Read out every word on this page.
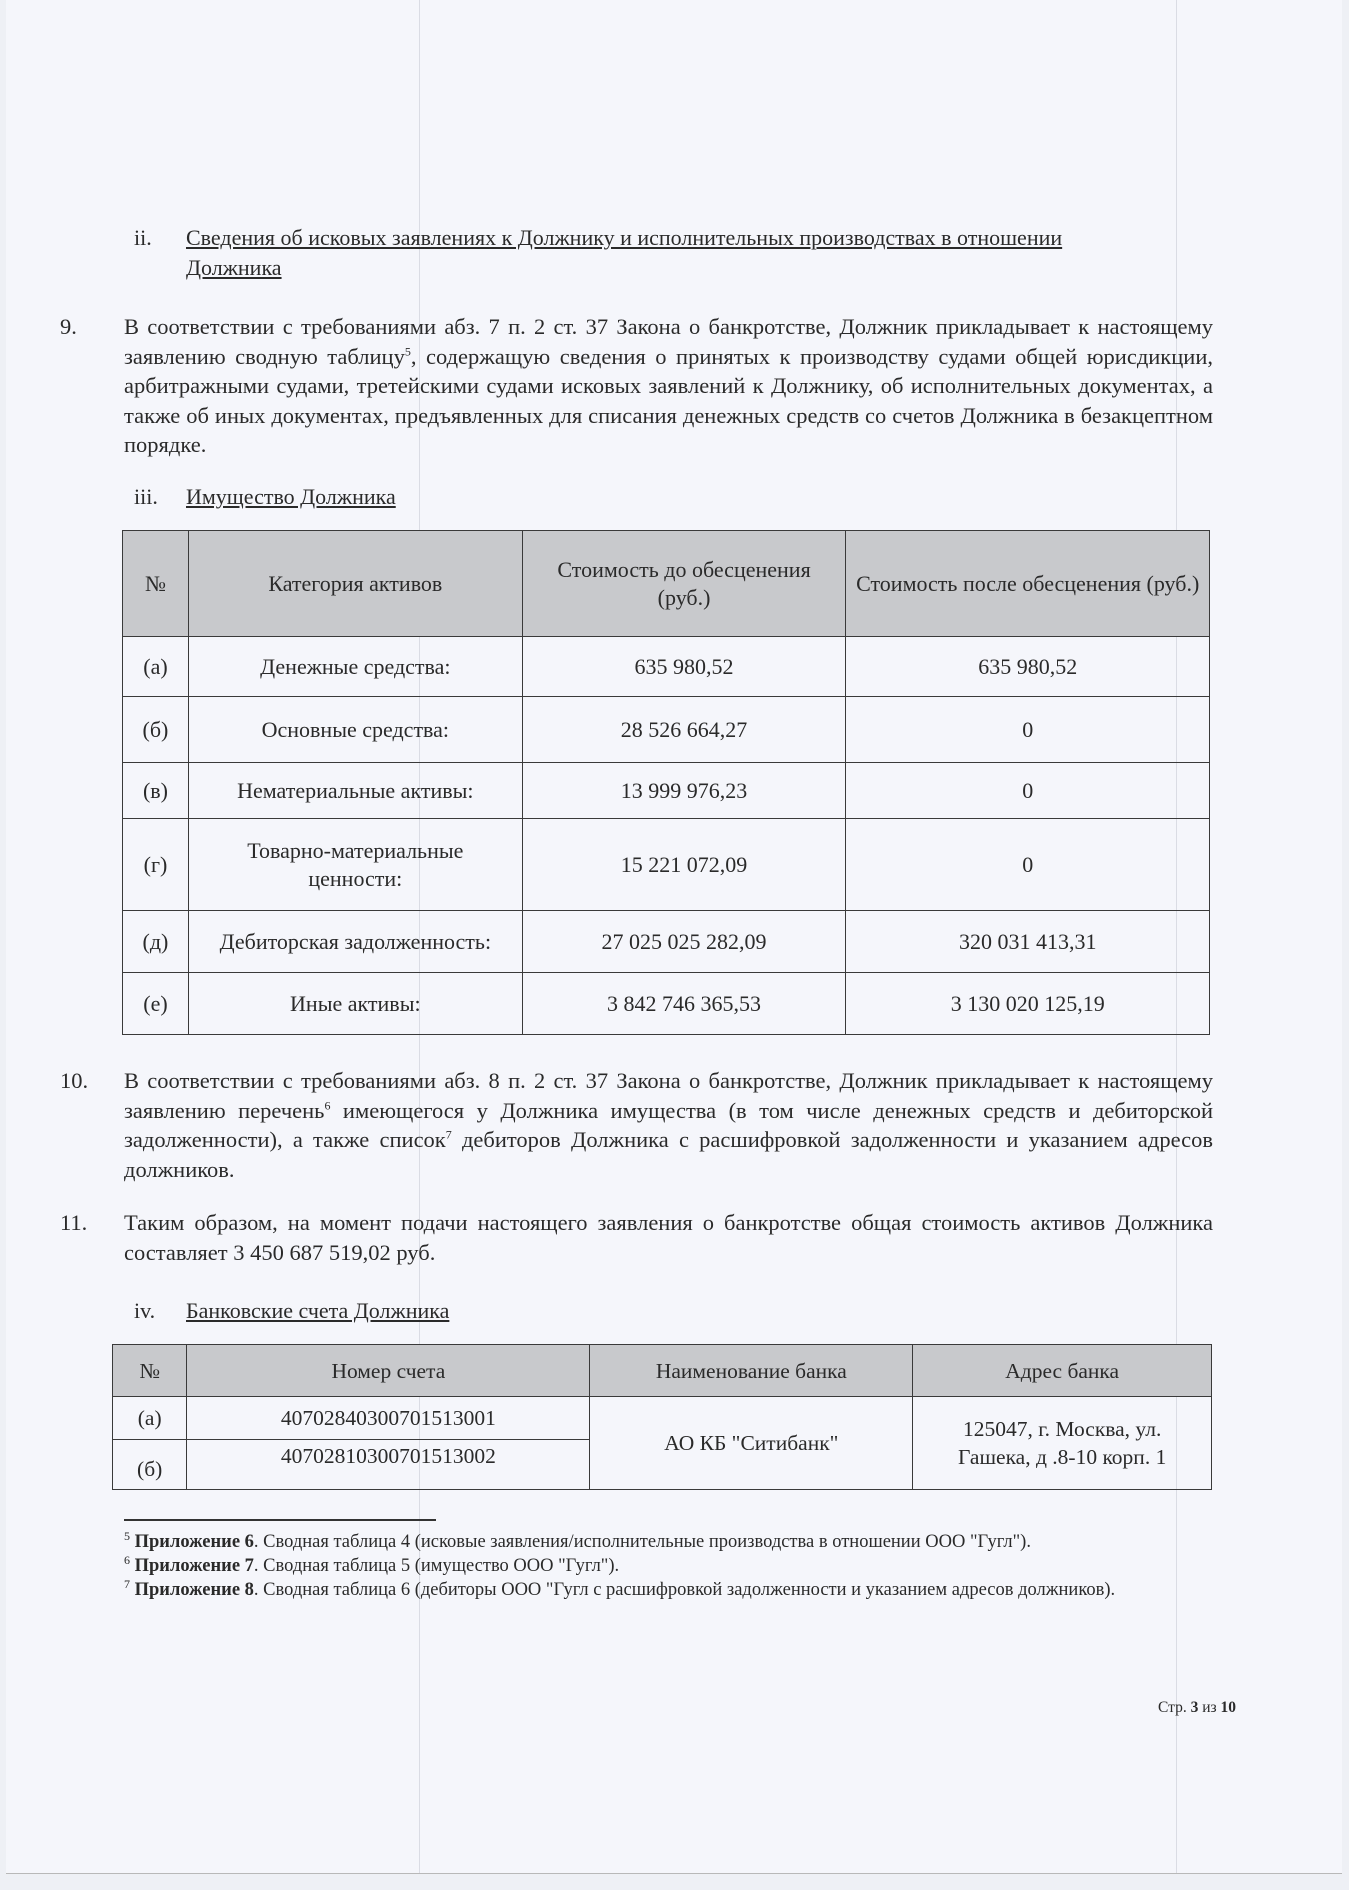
ii. Сведения об исковых заявлениях к Должнику и исполнительных производствах в отношении
Должника
9. В соответствии с требованиями абз. 7 п. 2 ст. 37 Закона о банкротстве, Должник прикладывает к настоящему заявлению сводную таблицу$^5$, содержащую сведения о принятых к производству судами общей юрисдикции, арбитражными судами, третейскими судами исковых заявлений к Должнику, об исполнительных документах, а также об иных документах, предъявленных для списания денежных средств со счетов Должника в безакцептном порядке.
iii. Имущество Должника
№	Категория активов	Стоимость до обесценения (руб.)	Стоимость после обесценения (руб.)
(а)	Денежные средства:	635 980,52	635 980,52
(б)	Основные средства:	28 526 664,27	0
(в)	Нематериальные активы:	13 999 976,23	0
(г)	Товарно-материальные ценности:	15 221 072,09	0
(д)	Дебиторская задолженность:	27 025 025 282,09	320 031 413,31
(е)	Иные активы:	3 842 746 365,53	3 130 020 125,19
10. В соответствии с требованиями абз. 8 п. 2 ст. 37 Закона о банкротстве, Должник прикладывает к настоящему заявлению перечень$^6$ имеющегося у Должника имущества (в том числе денежных средств и дебиторской задолженности), а также список$^7$ дебиторов Должника с расшифровкой задолженности и указанием адресов должников.
11. Таким образом, на момент подачи настоящего заявления о банкротстве общая стоимость активов Должника составляет 3 450 687 519,02 руб.
iv. Банковские счета Должника
№	Номер счета	Наименование банка	Адрес банка
(а)	40702840300701513001	АО КБ "Ситибанк"	125047, г. Москва, ул.
Гашека, д .8-10 корп. 1

(б)	40702810300701513002		
$^5$ Приложение 6. Сводная таблица 4 (исковые заявления/исполнительные производства в отношении ООО "Гугл").
$^6$ Приложение 7. Сводная таблица 5 (имущество ООО "Гугл").
$^7$ Приложение 8. Сводная таблица 6 (дебиторы ООО "Гугл с расшифровкой задолженности и указанием адресов должников).
Стр. 3 из 10
